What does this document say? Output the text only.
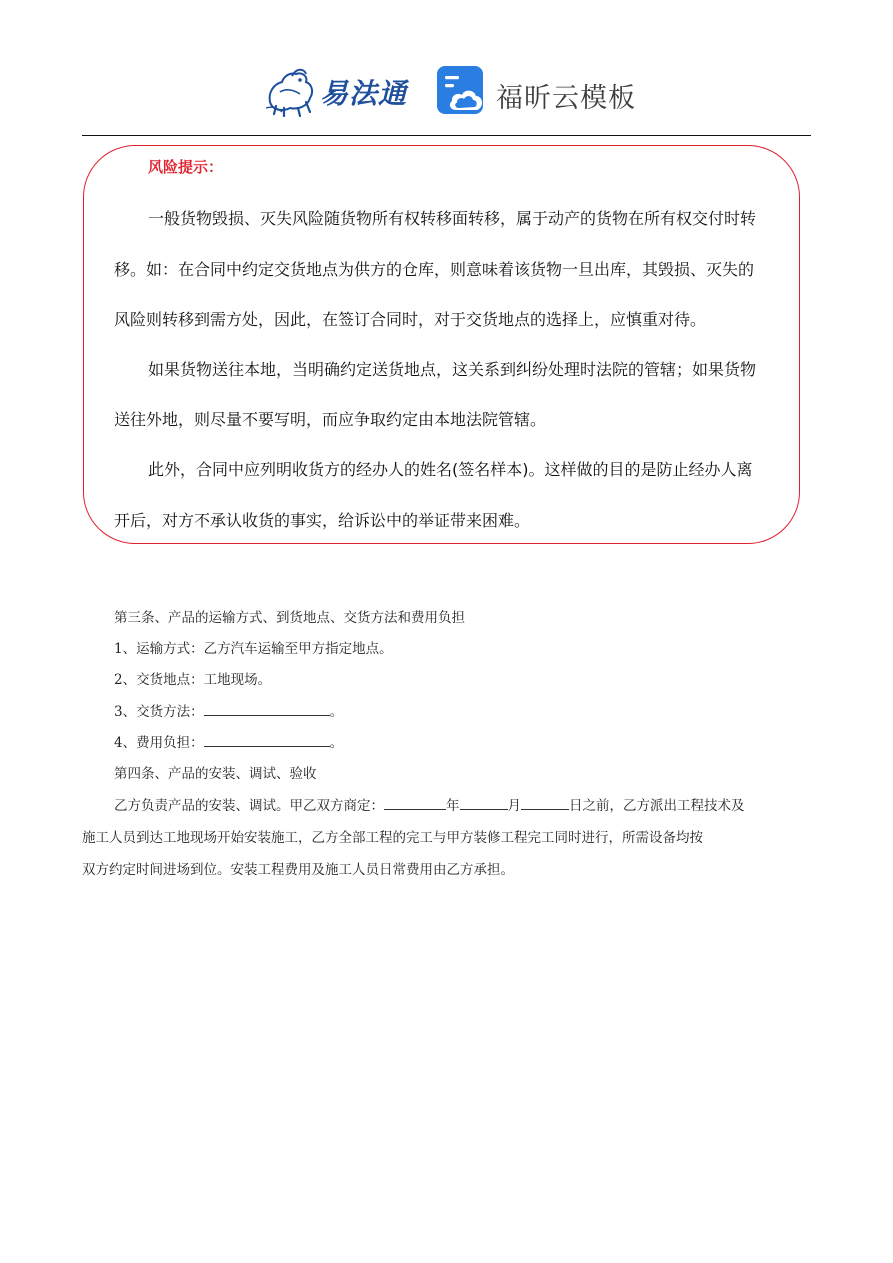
易法通	福昕云模板
风险提示：
一般货物毁损、灭失风险随货物所有权转移面转移，属于动产的货物在所有权交付时转
移。如：在合同中约定交货地点为供方的仓库，则意味着该货物一旦出库，其毁损、灭失的
风险则转移到需方处，因此，在签订合同时，对于交货地点的选择上，应慎重对待。
如果货物送往本地，当明确约定送货地点，这关系到纠纷处理时法院的管辖；如果货物
送往外地，则尽量不要写明，而应争取约定由本地法院管辖。
此外，合同中应列明收货方的经办人的姓名(签名样本)。这样做的目的是防止经办人离
开后，对方不承认收货的事实，给诉讼中的举证带来困难。
第三条、产品的运输方式、到货地点、交货方法和费用负担
1、运输方式：乙方汽车运输至甲方指定地点。
2、交货地点：工地现场。
3、交货方法：	。
4、费用负担：	。
第四条、产品的安装、调试、验收
乙方负责产品的安装、调试。甲乙双方商定：	年	月	日之前，乙方派出工程技术及
施工人员到达工地现场开始安装施工，乙方全部工程的完工与甲方装修工程完工同时进行，所需设备均按
双方约定时间进场到位。安装工程费用及施工人员日常费用由乙方承担。
